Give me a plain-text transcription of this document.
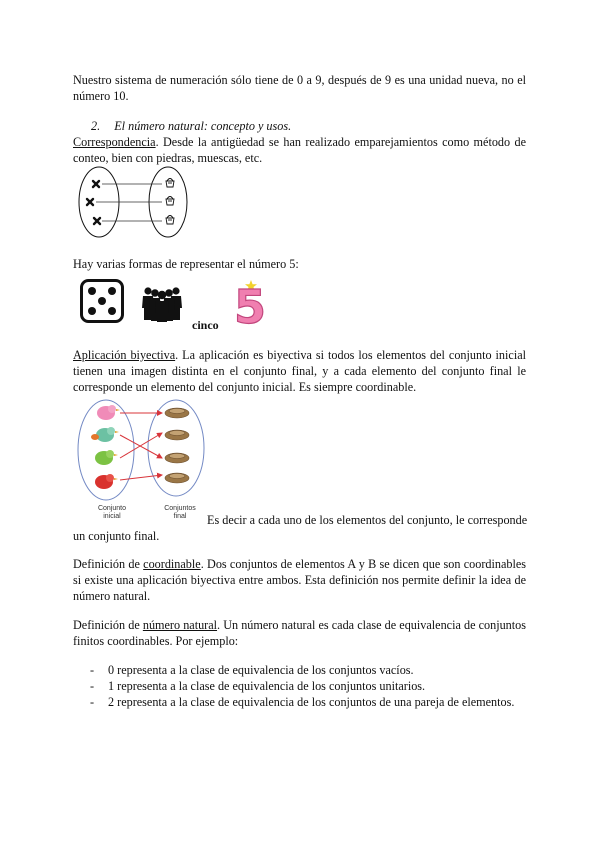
Nuestro sistema de numeración sólo tiene de 0 a 9, después de 9 es una unidad nueva, no el número 10.
2. El número natural: concepto y usos.
Correspondencia. Desde la antigüedad se han realizado emparejamientos como método de conteo, bien con piedras, muescas, etc.
Hay varias formas de representar el número 5:
cinco 5
Aplicación biyectiva. La aplicación es biyectiva si todos los elementos del conjunto inicial tienen una imagen distinta en el conjunto final, y a cada elemento del conjunto final le corresponde un elemento del conjunto inicial. Es siempre coordinable.
Conjunto
inicial
Conjuntos
final	Es decir a cada uno de los elementos del conjunto, le corresponde
un conjunto final.
Definición de coordinable. Dos conjuntos de elementos A y B se dicen que son coordinables si existe una aplicación biyectiva entre ambos. Esta definición nos permite definir la idea de número natural.
Definición de número natural. Un número natural es cada clase de equivalencia de conjuntos finitos coordinables. Por ejemplo:
- 0 representa a la clase de equivalencia de los conjuntos vacíos.
- 1 representa a la clase de equivalencia de los conjuntos unitarios.
- 2 representa a la clase de equivalencia de los conjuntos de una pareja de elementos.
